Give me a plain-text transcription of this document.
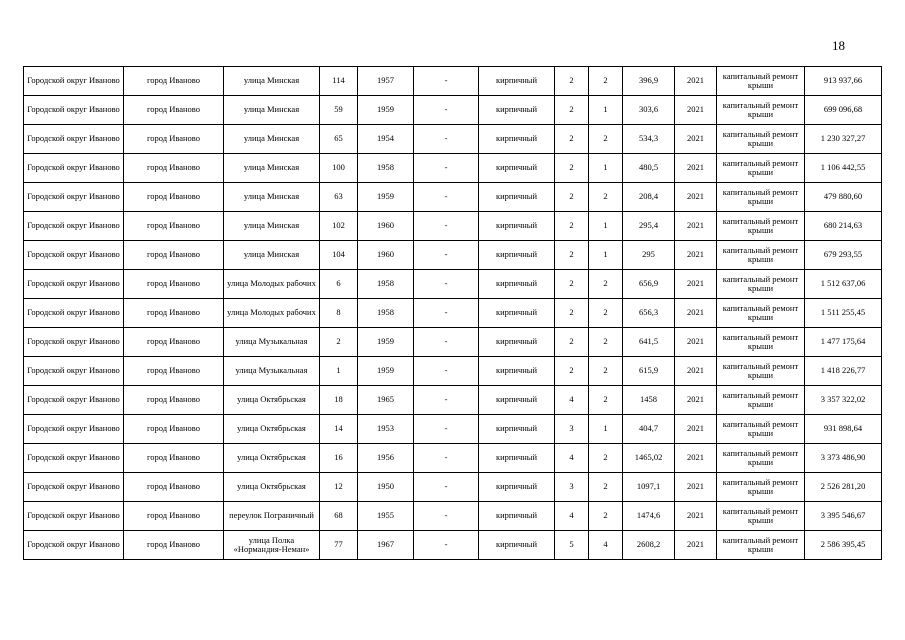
18
Городской округ Иваново	город Иваново	улица Минская	114	1957	-	кирпичный	2	2	396,9	2021	капитальный ремонт крыши	913 937,66
Городской округ Иваново	город Иваново	улица Минская	59	1959	-	кирпичный	2	1	303,6	2021	капитальный ремонт крыши	699 096,68
Городской округ Иваново	город Иваново	улица Минская	65	1954	-	кирпичный	2	2	534,3	2021	капитальный ремонт крыши	1 230 327,27
Городской округ Иваново	город Иваново	улица Минская	100	1958	-	кирпичный	2	1	480,5	2021	капитальный ремонт крыши	1 106 442,55
Городской округ Иваново	город Иваново	улица Минская	63	1959	-	кирпичный	2	2	208,4	2021	капитальный ремонт крыши	479 880,60
Городской округ Иваново	город Иваново	улица Минская	102	1960	-	кирпичный	2	1	295,4	2021	капитальный ремонт крыши	680 214,63
Городской округ Иваново	город Иваново	улица Минская	104	1960	-	кирпичный	2	1	295	2021	капитальный ремонт крыши	679 293,55
Городской округ Иваново	город Иваново	улица Молодых рабочих	6	1958	-	кирпичный	2	2	656,9	2021	капитальный ремонт крыши	1 512 637,06
Городской округ Иваново	город Иваново	улица Молодых рабочих	8	1958	-	кирпичный	2	2	656,3	2021	капитальный ремонт крыши	1 511 255,45
Городской округ Иваново	город Иваново	улица Музыкальная	2	1959	-	кирпичный	2	2	641,5	2021	капитальный ремонт крыши	1 477 175,64
Городской округ Иваново	город Иваново	улица Музыкальная	1	1959	-	кирпичный	2	2	615,9	2021	капитальный ремонт крыши	1 418 226,77
Городской округ Иваново	город Иваново	улица Октябрьская	18	1965	-	кирпичный	4	2	1458	2021	капитальный ремонт крыши	3 357 322,02
Городской округ Иваново	город Иваново	улица Октябрьская	14	1953	-	кирпичный	3	1	404,7	2021	капитальный ремонт крыши	931 898,64
Городской округ Иваново	город Иваново	улица Октябрьская	16	1956	-	кирпичный	4	2	1465,02	2021	капитальный ремонт крыши	3 373 486,90
Городской округ Иваново	город Иваново	улица Октябрьская	12	1950	-	кирпичный	3	2	1097,1	2021	капитальный ремонт крыши	2 526 281,20
Городской округ Иваново	город Иваново	переулок Пограничный	68	1955	-	кирпичный	4	2	1474,6	2021	капитальный ремонт крыши	3 395 546,67
Городской округ Иваново	город Иваново	улица Полка «Нормандия-Неман»	77	1967	-	кирпичный	5	4	2608,2	2021	капитальный ремонт крыши	2 586 395,45
